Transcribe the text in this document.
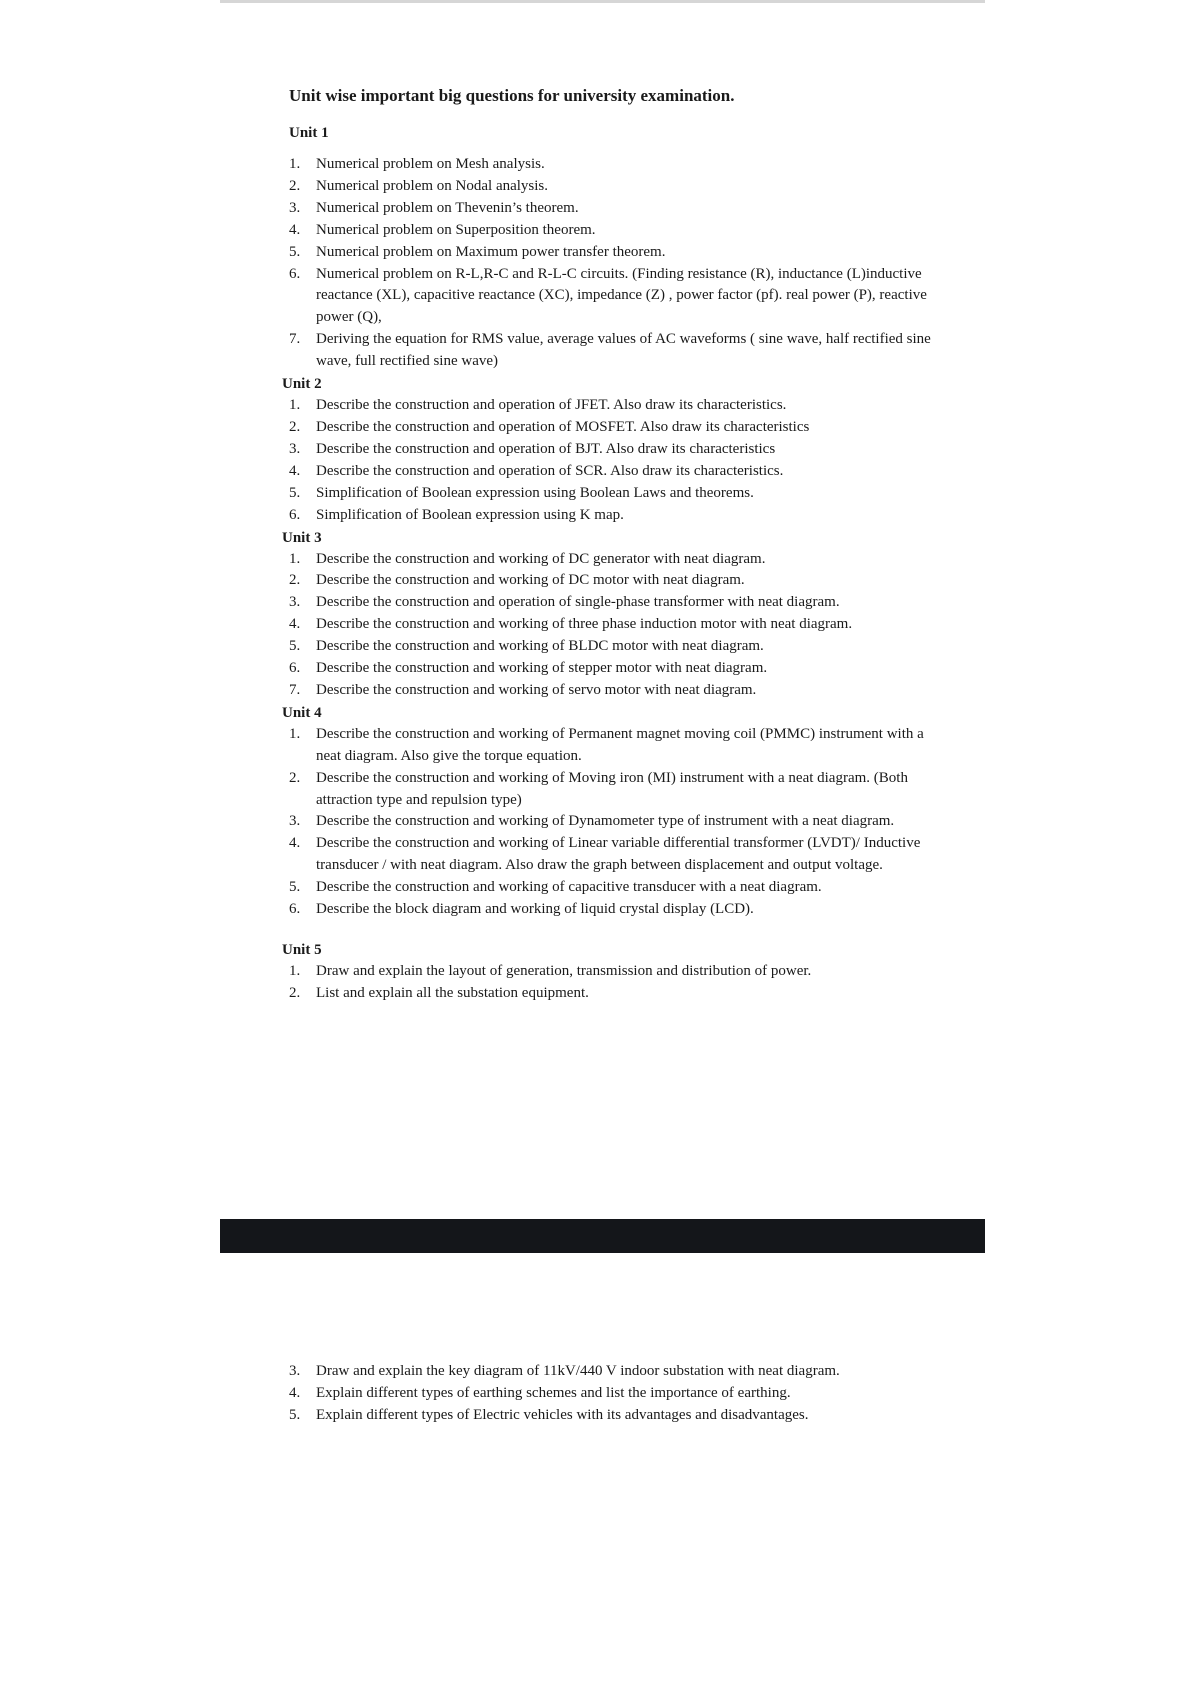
Unit wise important big questions for university examination.
Unit 1
1. Numerical problem on Mesh analysis.
2. Numerical problem on Nodal analysis.
3. Numerical problem on Thevenin’s theorem.
4. Numerical problem on Superposition theorem.
5. Numerical problem on Maximum power transfer theorem.
6. Numerical problem on R-L,R-C and R-L-C circuits. (Finding resistance (R), inductance (L)inductive reactance (XL), capacitive reactance (XC), impedance (Z) , power factor (pf). real power (P), reactive power (Q),
7. Deriving the equation for RMS value, average values of AC waveforms ( sine wave, half rectified sine wave, full rectified sine wave)
Unit 2
1. Describe the construction and operation of JFET. Also draw its characteristics.
2. Describe the construction and operation of MOSFET. Also draw its characteristics
3. Describe the construction and operation of BJT. Also draw its characteristics
4. Describe the construction and operation of SCR. Also draw its characteristics.
5. Simplification of Boolean expression using Boolean Laws and theorems.
6. Simplification of Boolean expression using K map.
Unit 3
1. Describe the construction and working of DC generator with neat diagram.
2. Describe the construction and working of DC motor with neat diagram.
3. Describe the construction and operation of single-phase transformer with neat diagram.
4. Describe the construction and working of three phase induction motor with neat diagram.
5. Describe the construction and working of BLDC motor with neat diagram.
6. Describe the construction and working of stepper motor with neat diagram.
7. Describe the construction and working of servo motor with neat diagram.
Unit 4
1. Describe the construction and working of Permanent magnet moving coil (PMMC) instrument with a neat diagram. Also give the torque equation.
2. Describe the construction and working of Moving iron (MI) instrument with a neat diagram. (Both attraction type and repulsion type)
3. Describe the construction and working of Dynamometer type of instrument with a neat diagram.
4. Describe the construction and working of Linear variable differential transformer (LVDT)/ Inductive transducer / with neat diagram. Also draw the graph between displacement and output voltage.
5. Describe the construction and working of capacitive transducer with a neat diagram.
6. Describe the block diagram and working of liquid crystal display (LCD).
Unit 5
1. Draw and explain the layout of generation, transmission and distribution of power.
2. List and explain all the substation equipment.
3. Draw and explain the key diagram of 11kV/440 V indoor substation with neat diagram.
4. Explain different types of earthing schemes and list the importance of earthing.
5. Explain different types of Electric vehicles with its advantages and disadvantages.
